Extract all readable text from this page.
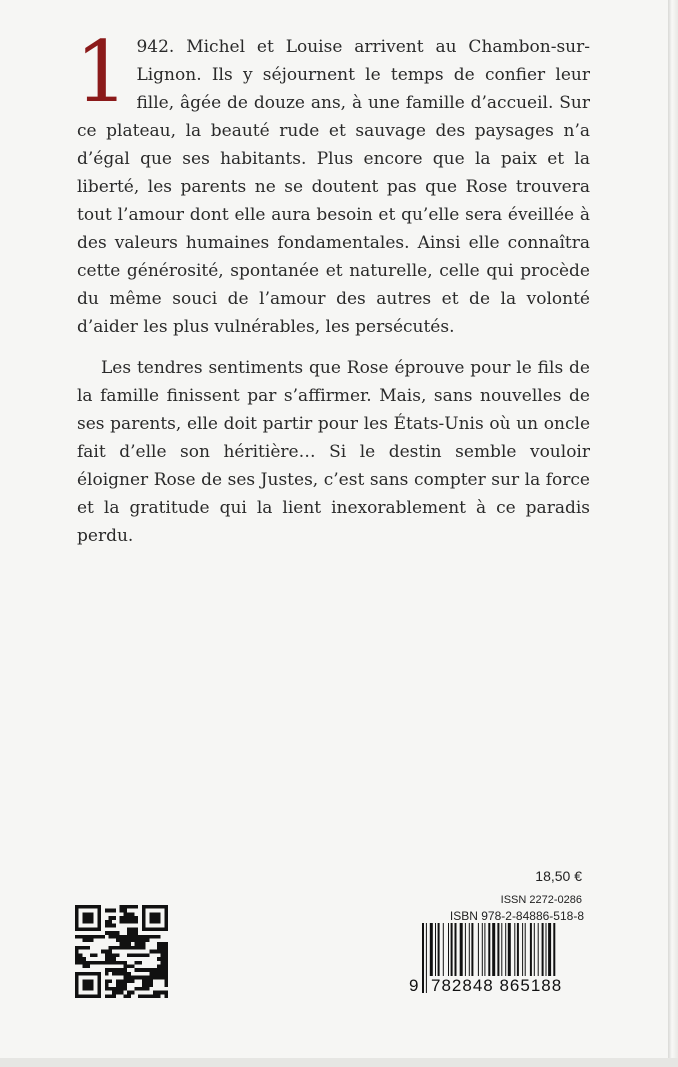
1 942. Michel et Louise arrivent au Chambon-sur-Lignon. Ils y séjournent le temps de confier leur fille, âgée de douze ans, à une famille d’accueil. Sur ce plateau, la beauté rude et sauvage des paysages n’a d’égal que ses habitants. Plus encore que la paix et la liberté, les parents ne se doutent pas que Rose trouvera tout l’amour dont elle aura besoin et qu’elle sera éveillée à des valeurs humaines fondamentales. Ainsi elle connaîtra cette générosité, spontanée et naturelle, celle qui procède du même souci de l’amour des autres et de la volonté d’aider les plus vulnérables, les persécutés.

Les tendres sentiments que Rose éprouve pour le fils de la famille finissent par s’affirmer. Mais, sans nouvelles de ses parents, elle doit partir pour les États-Unis où un oncle fait d’elle son héritière… Si le destin semble vouloir éloigner Rose de ses Justes, c’est sans compter sur la force et la gratitude qui la lient inexorablement à ce paradis perdu.

18,50 €
ISSN 2272-0286
ISBN 978-2-84886-518-8
9 782848 865188
